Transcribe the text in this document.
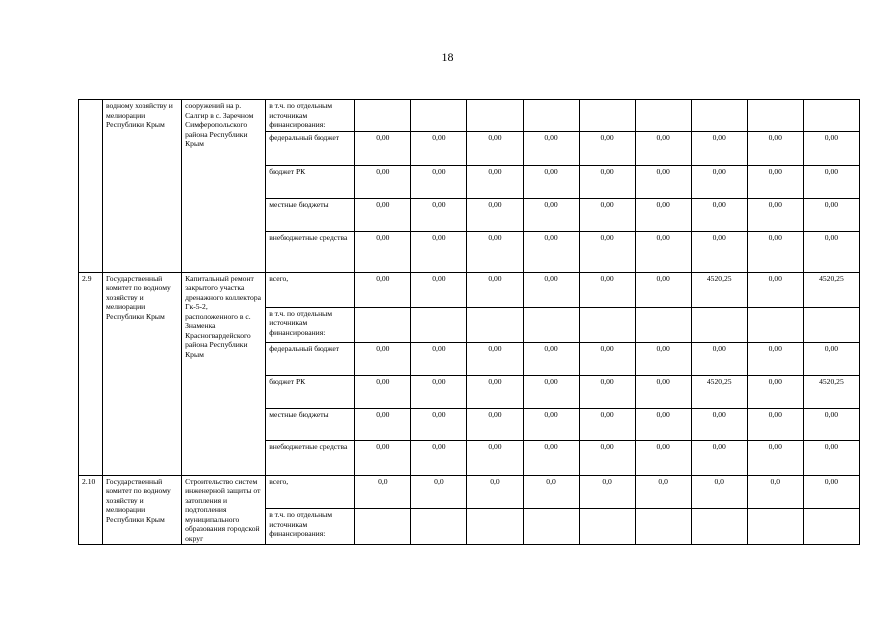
18
	водному хозяйству и мелиорации Республики Крым	сооружений на р. Салгир в с. Заречном Симферопольского района Республики Крым	в т.ч. по отдельным источникам финансирования:									
			федеральный бюджет	0,00	0,00	0,00	0,00	0,00	0,00	0,00	0,00	0,00
			бюджет РК	0,00	0,00	0,00	0,00	0,00	0,00	0,00	0,00	0,00
			местные бюджеты	0,00	0,00	0,00	0,00	0,00	0,00	0,00	0,00	0,00
			внебюджетные средства	0,00	0,00	0,00	0,00	0,00	0,00	0,00	0,00	0,00
2.9	Государственный комитет по водному хозяйству и мелиорации Республики Крым	Капитальный ремонт закрытого участка дренажного коллектора Гк-5-2, расположенного в с. Знаменка Красногвардейского района Республики Крым	всего,	0,00	0,00	0,00	0,00	0,00	0,00	4520,25	0,00	4520,25
			в т.ч. по отдельным источникам финансирования:									
			федеральный бюджет	0,00	0,00	0,00	0,00	0,00	0,00	0,00	0,00	0,00
			бюджет РК	0,00	0,00	0,00	0,00	0,00	0,00	4520,25	0,00	4520,25
			местные бюджеты	0,00	0,00	0,00	0,00	0,00	0,00	0,00	0,00	0,00
			внебюджетные средства	0,00	0,00	0,00	0,00	0,00	0,00	0,00	0,00	0,00
2.10	Государственный комитет по водному хозяйству и мелиорации Республики Крым	Строительство систем инженерной защиты от затопления и подтопления муниципального образования городской округ	всего,	0,0	0,0	0,0	0,0	0,0	0,0	0,0	0,0	0,00
			в т.ч. по отдельным источникам финансирования:									
